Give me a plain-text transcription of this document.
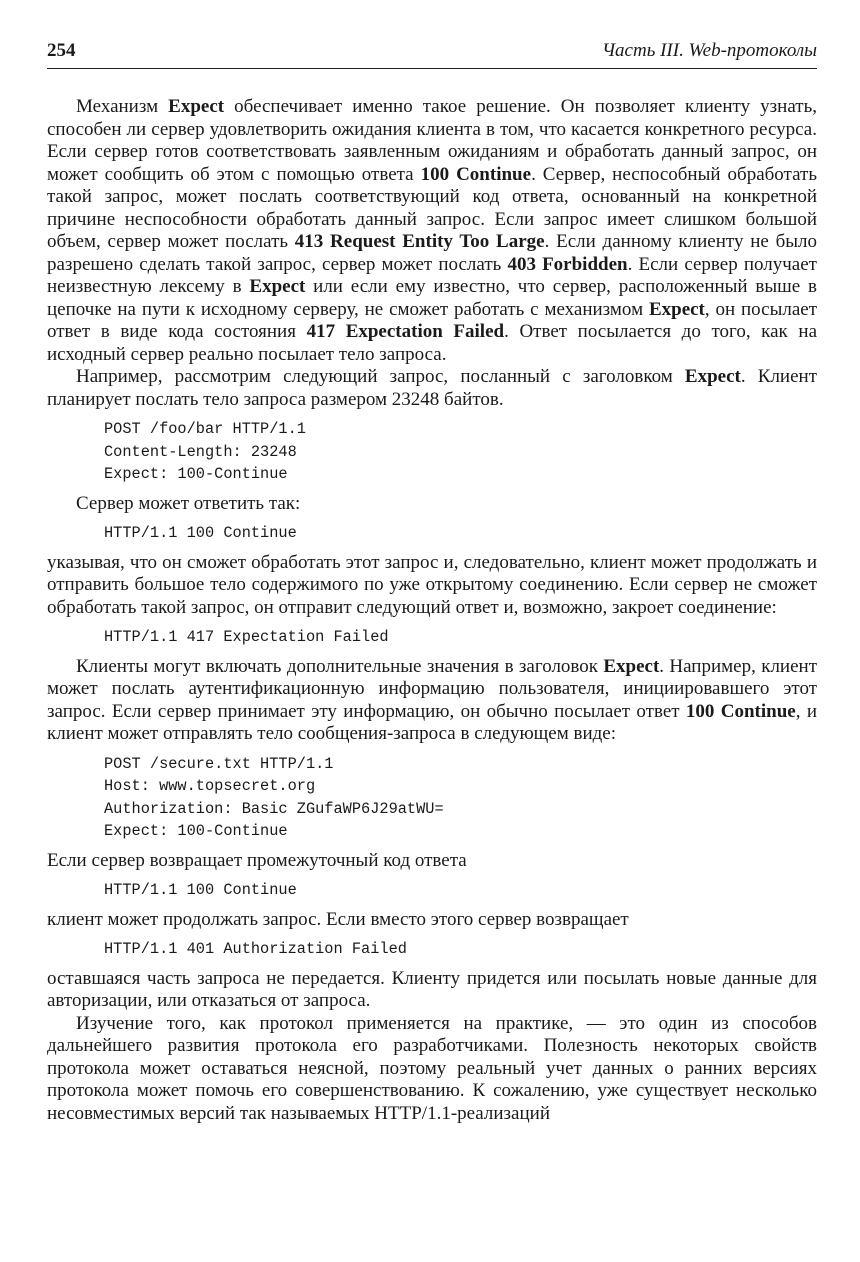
254	Часть III. Web-протоколы

Механизм Expect обеспечивает именно такое решение. Он позволяет клиенту узнать, способен ли сервер удовлетворить ожидания клиента в том, что касается конкретного ресурса. Если сервер готов соответствовать заявленным ожиданиям и обработать данный запрос, он может сообщить об этом с помощью ответа 100 Continue. Сервер, неспособный обработать такой запрос, может послать соответствующий код ответа, основанный на конкретной причине неспособности обработать данный запрос. Если запрос имеет слишком большой объем, сервер может послать 413 Request Entity Too Large. Если данному клиенту не было разрешено сделать такой запрос, сервер может послать 403 Forbidden. Если сервер получает неизвестную лексему в Expect или если ему известно, что сервер, расположенный выше в цепочке на пути к исходному серверу, не сможет работать с механизмом Expect, он посылает ответ в виде кода состояния 417 Expectation Failed. Ответ посылается до того, как на исходный сервер реально посылает тело запроса.

Например, рассмотрим следующий запрос, посланный с заголовком Expect. Клиент планирует послать тело запроса размером 23248 байтов.

POST /foo/bar HTTP/1.1
Content-Length: 23248
Expect: 100-Continue

Сервер может ответить так:

HTTP/1.1 100 Continue

указывая, что он сможет обработать этот запрос и, следовательно, клиент может продолжать и отправить большое тело содержимого по уже открытому соединению. Если сервер не сможет обработать такой запрос, он отправит следующий ответ и, возможно, закроет соединение:

HTTP/1.1 417 Expectation Failed

Клиенты могут включать дополнительные значения в заголовок Expect. Например, клиент может послать аутентификационную информацию пользователя, инициировавшего этот запрос. Если сервер принимает эту информацию, он обычно посылает ответ 100 Continue, и клиент может отправлять тело сообщения-запроса в следующем виде:

POST /secure.txt HTTP/1.1
Host: www.topsecret.org
Authorization: Basic ZGufaWP6J29atWU=
Expect: 100-Continue

Если сервер возвращает промежуточный код ответа

HTTP/1.1 100 Continue

клиент может продолжать запрос. Если вместо этого сервер возвращает

HTTP/1.1 401 Authorization Failed

оставшаяся часть запроса не передается. Клиенту придется или посылать новые данные для авторизации, или отказаться от запроса.

Изучение того, как протокол применяется на практике, — это один из способов дальнейшего развития протокола его разработчиками. Полезность некоторых свойств протокола может оставаться неясной, поэтому реальный учет данных о ранних версиях протокола может помочь его совершенствованию. К сожалению, уже существует несколько несовместимых версий так называемых HTTP/1.1-реализаций
